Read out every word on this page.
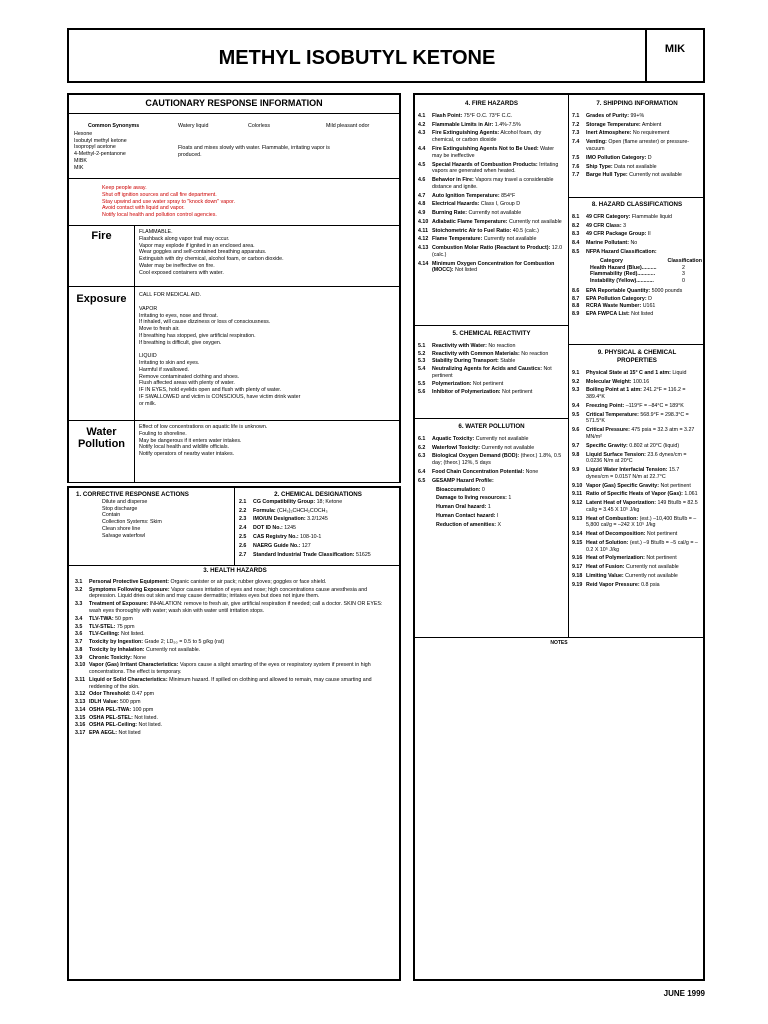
METHYL ISOBUTYL KETONE	MIK
CAUTIONARY RESPONSE INFORMATION
Common Synonyms
Hexone
Isobutyl methyl ketone
Isopropyl acetone
4-Methyl-2-pentanone
MIBK
MIK
Watery liquid	Colorless	Mild pleasant odor
Floats and mixes slowly with water. Flammable, irritating vapor is produced.
Keep people away.
Shut off ignition sources and call fire department.
Stay upwind and use water spray to "knock down" vapor.
Avoid contact with liquid and vapor.
Notify local health and pollution control agencies.
Fire	FLAMMABLE.
Flashback along vapor trail may occur.
Vapor may explode if ignited in an enclosed area.
Wear goggles and self-contained breathing apparatus.
Extinguish with dry chemical, alcohol foam, or carbon dioxide.
Water may be ineffective on fire.
Cool exposed containers with water.
Exposure	CALL FOR MEDICAL AID.
VAPOR
Irritating to eyes, nose and throat.
If inhaled, will cause dizziness or loss of consciousness.
Move to fresh air.
If breathing has stopped, give artificial respiration.
If breathing is difficult, give oxygen.
LIQUID
Irritating to skin and eyes.
Harmful if swallowed.
Remove contaminated clothing and shoes.
Flush affected areas with plenty of water.
IF IN EYES, hold eyelids open and flush with plenty of water.
IF SWALLOWED and victim is CONSCIOUS, have victim drink water
or milk.
Water
Pollution
Effect of low concentrations on aquatic life is unknown.
Fouling to shoreline.
May be dangerous if it enters water intakes.
Notify local health and wildlife officials.
Notify operators of nearby water intakes.
1. CORRECTIVE RESPONSE ACTIONS
Dilute and disperse
Stop discharge
Contain
Collection Systems: Skim
Clean shore line
Salvage waterfowl
2. CHEMICAL DESIGNATIONS
2.1 CG Compatibility Group: 18; Ketone
2.2 Formula: (CH₃)₂CHCH₂COCH₃
2.3 IMO/UN Designation: 3.2/1245
2.4 DOT ID No.: 1245
2.5 CAS Registry No.: 108-10-1
2.6 NAERG Guide No.: 127
2.7 Standard Industrial Trade Classification: 51625
3. HEALTH HAZARDS
3.1 Personal Protective Equipment: Organic canister or air pack; rubber gloves; goggles or face shield.
3.2 Symptoms Following Exposure: Vapor causes irritation of eyes and nose; high concentrations cause anesthesia and depression. Liquid dries out skin and may cause dermatitis; irritates eyes but does not injure them.
3.3 Treatment of Exposure: INHALATION: remove to fresh air, give artificial respiration if needed; call a doctor. SKIN OR EYES: wash eyes thoroughly with water; wash skin with water until irritation stops.
3.4 TLV-TWA: 50 ppm
3.5 TLV-STEL: 75 ppm
3.6 TLV-Ceiling: Not listed.
3.7 Toxicity by Ingestion: Grade 2; LD₅₀ = 0.5 to 5 g/kg (rat)
3.8 Toxicity by Inhalation: Currently not available.
3.9 Chronic Toxicity: None
3.10 Vapor (Gas) Irritant Characteristics: Vapors cause a slight smarting of the eyes or respiratory system if present in high concentrations. The effect is temporary.
3.11 Liquid or Solid Characteristics: Minimum hazard. If spilled on clothing and allowed to remain, may cause smarting and reddening of the skin.
3.12 Odor Threshold: 0.47 ppm
3.13 IDLH Value: 500 ppm
3.14 OSHA PEL-TWA: 100 ppm
3.15 OSHA PEL-STEL: Not listed.
3.16 OSHA PEL-Ceiling: Not listed.
3.17 EPA AEGL: Not listed
4. FIRE HAZARDS
4.1 Flash Point: 75°F O.C. 73°F C.C.
4.2 Flammable Limits in Air: 1.4%-7.5%
4.3 Fire Extinguishing Agents: Alcohol foam, dry chemical, or carbon dioxide
4.4 Fire Extinguishing Agents Not to Be Used: Water may be ineffective
4.5 Special Hazards of Combustion Products: Irritating vapors are generated when heated.
4.6 Behavior in Fire: Vapors may travel a considerable distance and ignite.
4.7 Auto Ignition Temperature: 854°F
4.8 Electrical Hazards: Class I, Group D
4.9 Burning Rate: Currently not available
4.10 Adiabatic Flame Temperature: Currently not available
4.11 Stoichometric Air to Fuel Ratio: 40.5 (calc.)
4.12 Flame Temperature: Currently not available
4.13 Combustion Molar Ratio (Reactant to Product): 12.0 (calc.)
4.14 Minimum Oxygen Concentration for Combustion (MOCC): Not listed
5. CHEMICAL REACTIVITY
5.1 Reactivity with Water: No reaction
5.2 Reactivity with Common Materials: No reaction
5.3 Stability During Transport: Stable
5.4 Neutralizing Agents for Acids and Caustics: Not pertinent
5.5 Polymerization: Not pertinent
5.6 Inhibitor of Polymerization: Not pertinent
6. WATER POLLUTION
6.1 Aquatic Toxicity: Currently not available
6.2 Waterfowl Toxicity: Currently not available
6.3 Biological Oxygen Demand (BOD): (theor.) 1.8%, 0.5 day; (theor.) 12%, 5 days
6.4 Food Chain Concentration Potential: None
6.5 GESAMP Hazard Profile:
Bioaccumulation: 0
Damage to living resources: 1
Human Oral hazard: 1
Human Contact hazard: I
Reduction of amenities: X
7. SHIPPING INFORMATION
7.1 Grades of Purity: 99+%
7.2 Storage Temperature: Ambient
7.3 Inert Atmosphere: No requirement
7.4 Venting: Open (flame arrester) or pressure-vacuum
7.5 IMO Pollution Category: D
7.6 Ship Type: Data not available
7.7 Barge Hull Type: Currently not available
8. HAZARD CLASSIFICATIONS
8.1 49 CFR Category: Flammable liquid
8.2 49 CFR Class: 3
8.3 49 CFR Package Group: II
8.4 Marine Pollutant: No
8.5 NFPA Hazard Classification:
Category	Classification
Health Hazard (Blue)..........	2
Flammability (Red)............	3
Instability (Yellow)............	0
8.6 EPA Reportable Quantity: 5000 pounds
8.7 EPA Pollution Category: D
8.8 RCRA Waste Number: U161
8.9 EPA FWPCA List: Not listed
9. PHYSICAL & CHEMICAL
PROPERTIES
9.1 Physical State at 15° C and 1 atm: Liquid
9.2 Molecular Weight: 100.16
9.3 Boiling Point at 1 atm: 241.2°F = 116.2 = 389.4°K
9.4 Freezing Point: –119°F = –84°C = 189°K
9.5 Critical Temperature: 568.9°F = 298.3°C = 571.5°K
9.6 Critical Pressure: 475 psia = 32.3 atm = 3.27 MN/m²
9.7 Specific Gravity: 0.802 at 20°C (liquid)
9.8 Liquid Surface Tension: 23.6 dynes/cm = 0.0236 N/m at 20°C
9.9 Liquid Water Interfacial Tension: 15.7 dynes/cm = 0.0157 N/m at 22.7°C
9.10 Vapor (Gas) Specific Gravity: Not pertinent
9.11 Ratio of Specific Heats of Vapor (Gas): 1.061
9.12 Latent Heat of Vaporization: 149 Btu/lb = 82.5 cal/g = 3.45 X 10⁵ J/kg
9.13 Heat of Combustion: (est.) –10,400 Btu/lb = –5,800 cal/g = –242 X 10⁵ J/kg
9.14 Heat of Decomposition: Not pertinent
9.15 Heat of Solution: (est.) –9 Btu/lb = –5 cal/g = –0.2 X 10⁵ J/kg
9.16 Heat of Polymerization: Not pertinent
9.17 Heat of Fusion: Currently not available
9.18 Limiting Value: Currently not available
9.19 Reid Vapor Pressure: 0.8 psia
NOTES
JUNE 1999
